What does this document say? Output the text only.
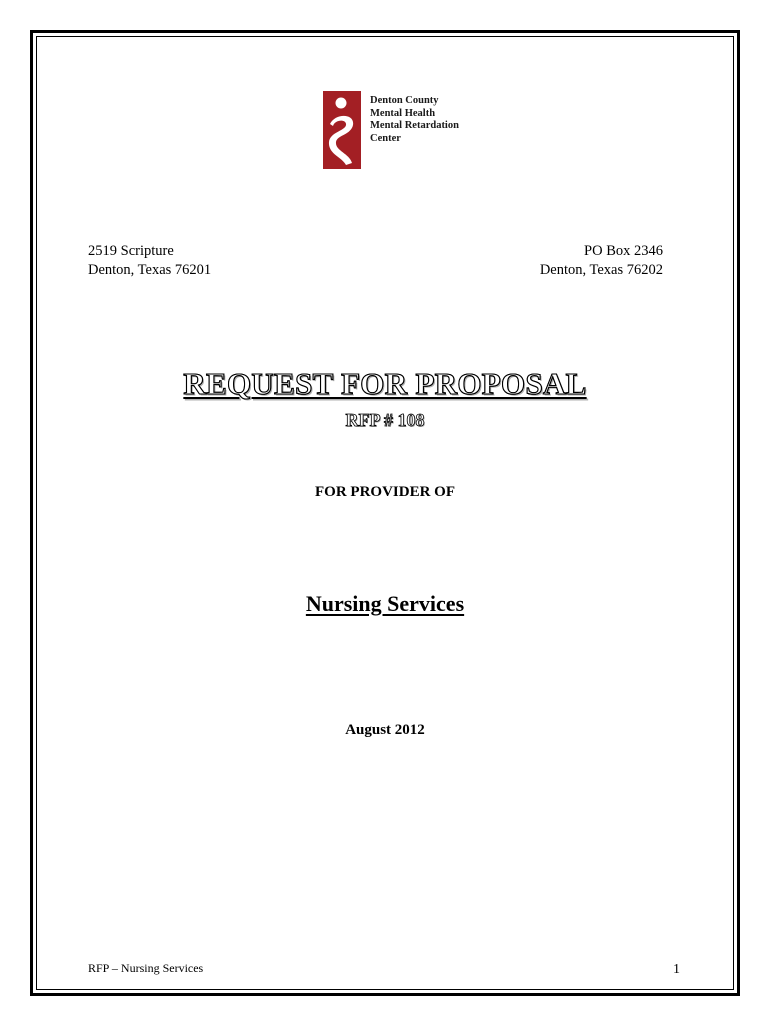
Denton County
Mental Health
Mental Retardation
Center
2519 Scripture
Denton, Texas 76201
PO Box 2346
Denton, Texas 76202
REQUEST FOR PROPOSAL
RFP # 108
FOR PROVIDER OF
Nursing Services
August 2012
RFP – Nursing Services	1
